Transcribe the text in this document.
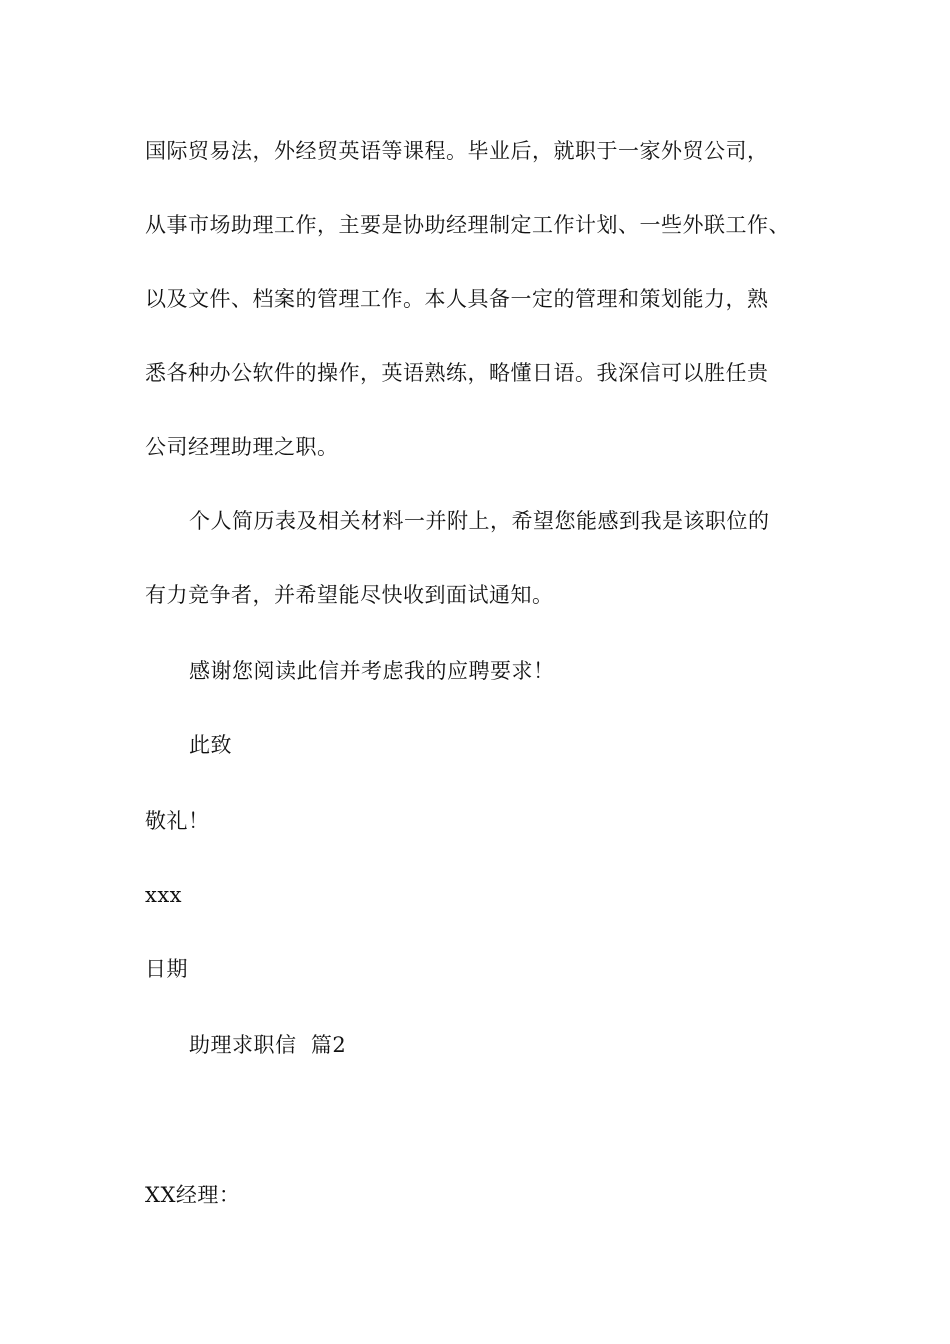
国际贸易法，外经贸英语等课程。毕业后，就职于一家外贸公司，
从事市场助理工作，主要是协助经理制定工作计划、一些外联工作、
以及文件、档案的管理工作。本人具备一定的管理和策划能力，熟
悉各种办公软件的操作，英语熟练，略懂日语。我深信可以胜任贵
公司经理助理之职。
个人简历表及相关材料一并附上，希望您能感到我是该职位的
有力竞争者，并希望能尽快收到面试通知。
感谢您阅读此信并考虑我的应聘要求！
此致
敬礼！
xxx
日期
助理求职信  篇2
XX经理：
